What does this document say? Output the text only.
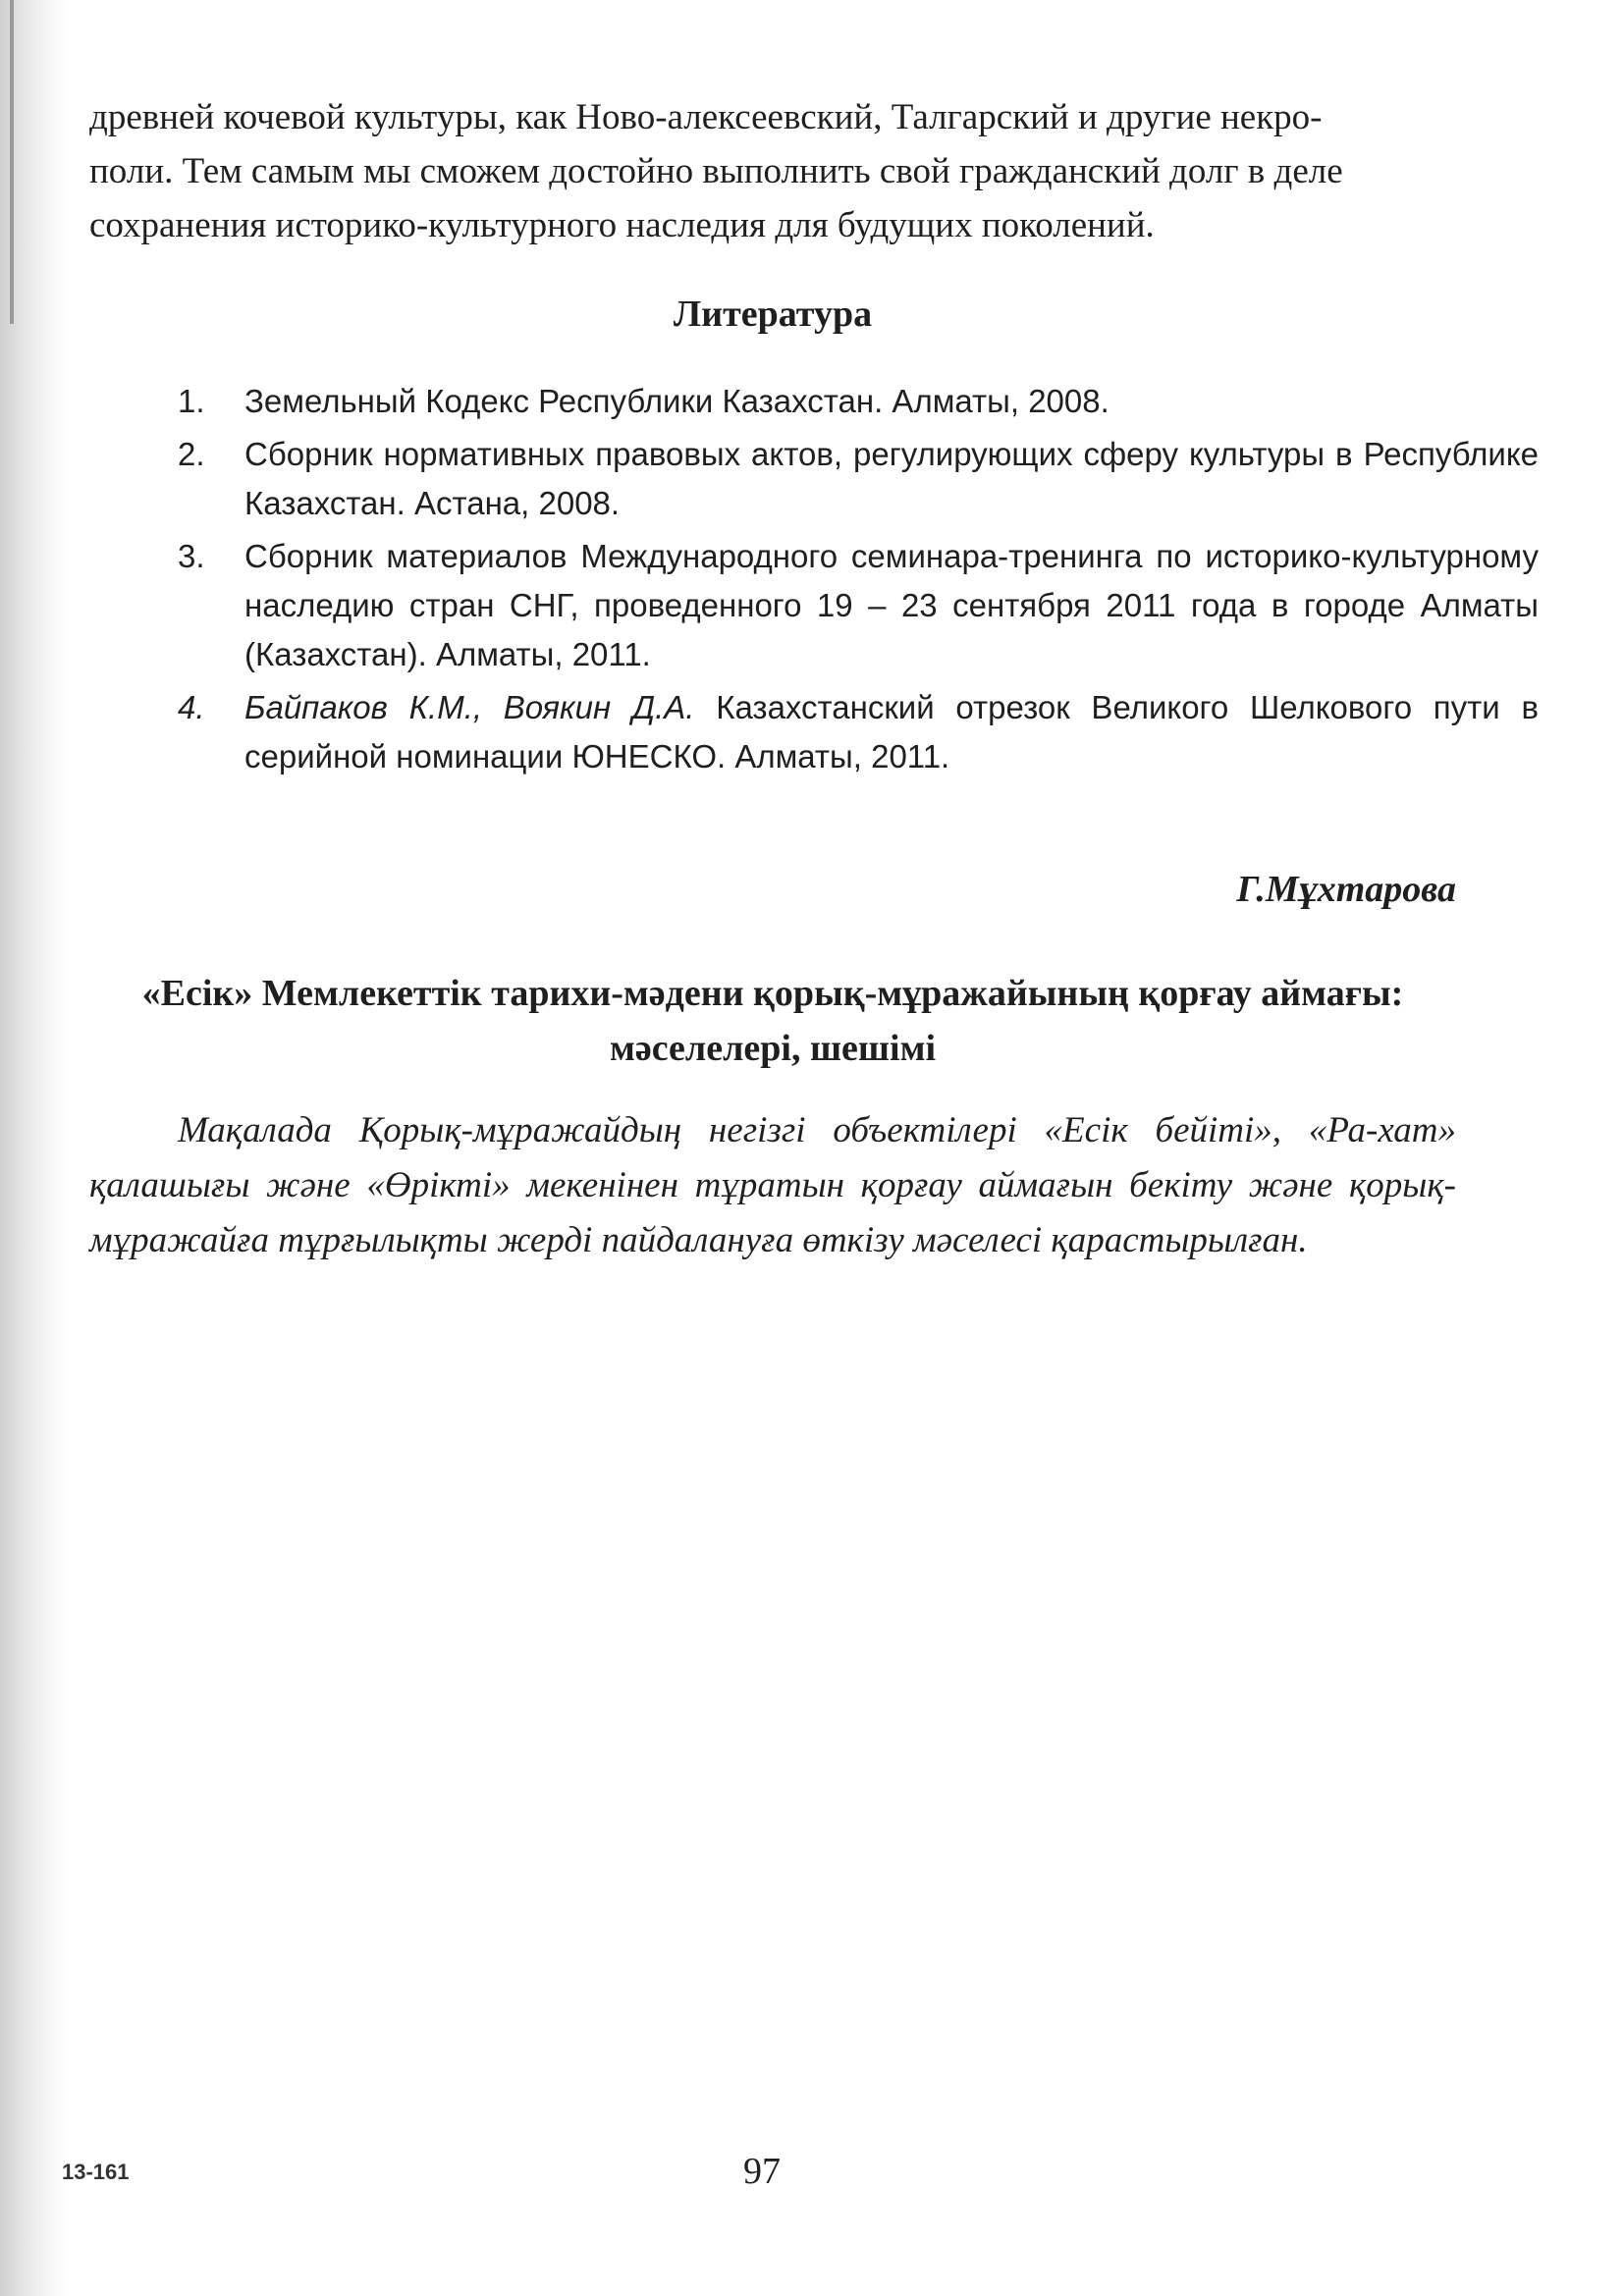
древней кочевой культуры, как Ново-алексеевский, Талгарский и другие некро-

поли. Тем самым мы сможем достойно выполнить свой гражданский долг в деле

сохранения историко-культурного наследия для будущих поколений.

Литература
1. Земельный Кодекс Республики Казахстан. Алматы, 2008.
2. Сборник нормативных правовых актов, регулирующих сферу культуры в Республике Казахстан. Астана, 2008.
3. Сборник материалов Международного семинара-тренинга по историко-культурному наследию стран СНГ, проведенного 19 – 23 сентября 2011 года в городе Алматы (Казахстан). Алматы, 2011.
4. Байпаков К.М., Воякин Д.А. Казахстанский отрезок Великого Шелкового пути в серийной номинации ЮНЕСКО. Алматы, 2011.

Г.Мұхтарова

«Есік» Мемлекеттік тарихи-мәдени қорық-мұражайының қорғау аймағы:
мәселелері, шешімі

Мақалада Қорық-мұражайдың негізгі объектілері «Есік бейіті», «Ра-хат» қалашығы және «Өрікті» мекенінен тұратын қорғау аймағын бекіту және қорық-мұражайға тұрғылықты жерді пайдалануға өткізу мәселесі қарастырылған.

13-161	97
